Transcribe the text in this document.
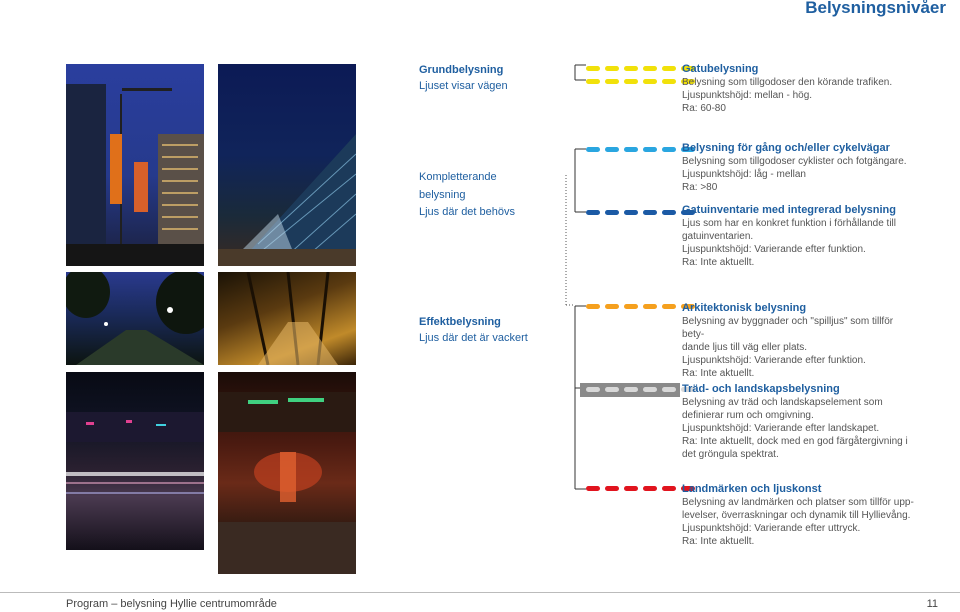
Belysningsnivåer
Grundbelysning
Ljuset visar vägen
Kompletterande belysning
Ljus där det behövs
Effektbelysning
Ljus där det är vackert
Gatubelysning
Belysning som tillgodoser den körande trafiken.
Ljuspunktshöjd: mellan - hög.
Ra: 60-80
Belysning för gång och/eller cykelvägar
Belysning som tillgodoser cyklister och fotgängare.
Ljuspunktshöjd: låg - mellan
Ra: >80
Gatuinventarie med integrerad belysning
Ljus som har en konkret funktion i förhållande till
gatuinventarien.
Ljuspunktshöjd: Varierande efter funktion.
Ra: Inte aktuellt.
Arkitektonisk belysning
Belysning av byggnader och "spilljus" som tillför bety-
dande ljus till väg eller plats.
Ljuspunktshöjd: Varierande efter funktion.
Ra: Inte aktuellt.
Träd- och landskapsbelysning
Belysning av träd och landskapselement som
definierar rum och omgivning.
Ljuspunktshöjd: Varierande efter landskapet.
Ra: Inte aktuellt, dock med en god färgåtergivning i
det gröngula spektrat.
Landmärken och ljuskonst
Belysning av landmärken och platser som tillför upp-
levelser, överraskningar och dynamik till Hyllievång.
Ljuspunktshöjd: Varierande efter uttryck.
Ra: Inte aktuellt.
Program – belysning Hyllie centrumområde	11
